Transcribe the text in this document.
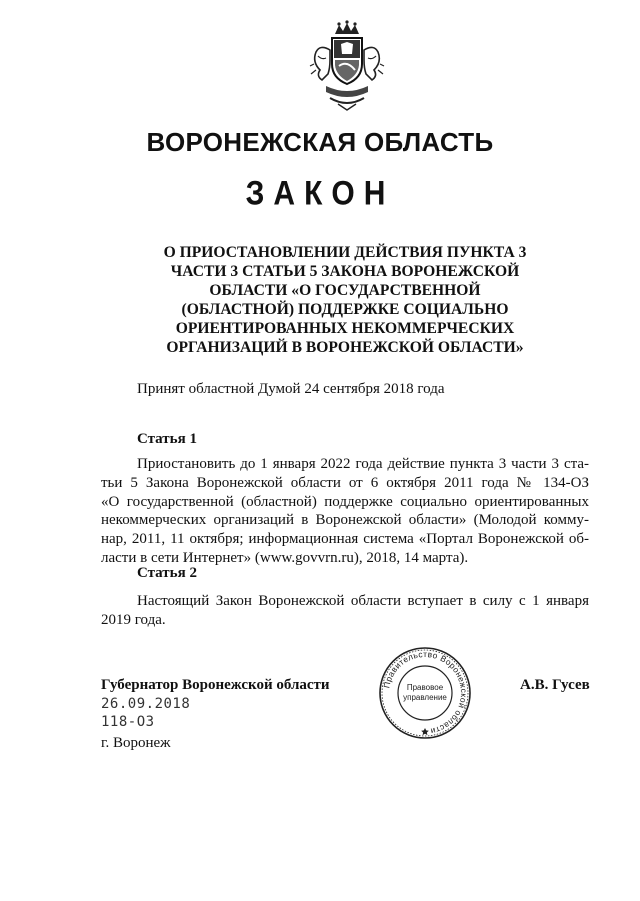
ВОРОНЕЖСКАЯ ОБЛАСТЬ
ЗАКОН
О ПРИОСТАНОВЛЕНИИ ДЕЙСТВИЯ ПУНКТА 3
ЧАСТИ 3 СТАТЬИ 5 ЗАКОНА ВОРОНЕЖСКОЙ
ОБЛАСТИ «О ГОСУДАРСТВЕННОЙ
(ОБЛАСТНОЙ) ПОДДЕРЖКЕ СОЦИАЛЬНО
ОРИЕНТИРОВАННЫХ НЕКОММЕРЧЕСКИХ
ОРГАНИЗАЦИЙ В ВОРОНЕЖСКОЙ ОБЛАСТИ»
Принят областной Думой 24 сентября 2018 года
Статья 1
Приостановить до 1 января 2022 года действие пункта 3 части 3 ста-
тьи 5 Закона Воронежской области от 6 октября 2011 года № 134-ОЗ
«О государственной (областной) поддержке социально ориентированных
некоммерческих организаций в Воронежской области» (Молодой комму-
нар, 2011, 11 октября; информационная система «Портал Воронежской об-
ласти в сети Интернет» (www.govvrn.ru), 2018, 14 марта).
Статья 2
Настоящий Закон Воронежской области вступает в силу с 1 января
2019 года.
Губернатор Воронежской области	А.В. Гусев
26.09.2018
118-ОЗ
г. Воронеж
Правительство Воронежской области
Правовое
управление
